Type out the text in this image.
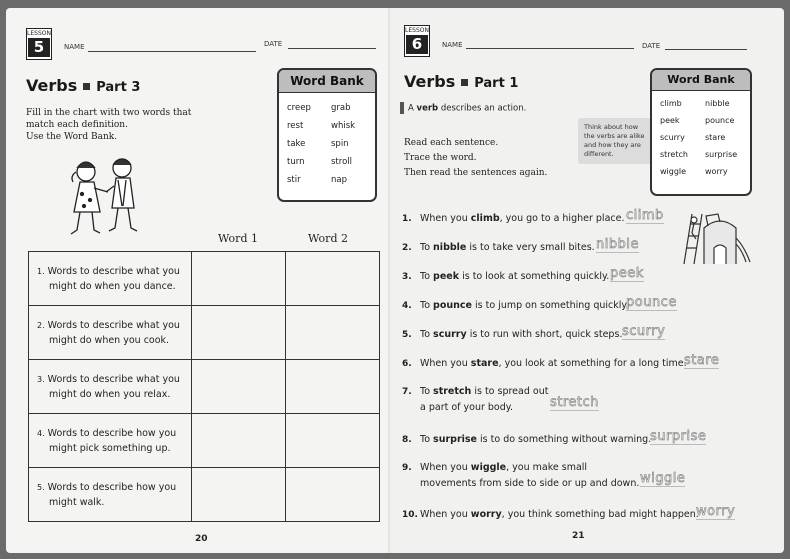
LESSON
5	NAME	DATE
Verbs Part 3
Fill in the chart with two words that
match each definition.
Use the Word Bank.
Word Bank
creep
rest
take
turn
stir
grab
whisk
spin
stroll
nap
Word 1	Word 2
1. Words to describe what you
might do when you dance.		
2. Words to describe what you
might do when you cook.		
3. Words to describe what you
might do when you relax.		
4. Words to describe how you
might pick something up.		
5. Words to describe how you
might walk.		
20
LESSON
6	NAME	DATE
Verbs Part 1
A verb describes an action.
Read each sentence.
Trace the word.
Then read the sentences again.
Think about how
the verbs are alike
and how they are
different.
Word Bank
climb
peek
scurry
stretch
wiggle
nibble
pounce
stare
surprise
worry
1. When you climb, you go to a higher place. climb
2. To nibble is to take very small bites. nibble
3. To peek is to look at something quickly. peek
4. To pounce is to jump on something quickly.
pounce
5. To scurry is to run with short, quick steps. scurry
6. When you stare, you look at something for a long time.
stare
7. To stretch is to spread out
a part of your body.	stretch
8. To surprise is to do something without warning.
surprise
9. When you wiggle, you make small
movements from side to side or up and down. wiggle
10. When you worry, you think something bad might happen.
worry
21
